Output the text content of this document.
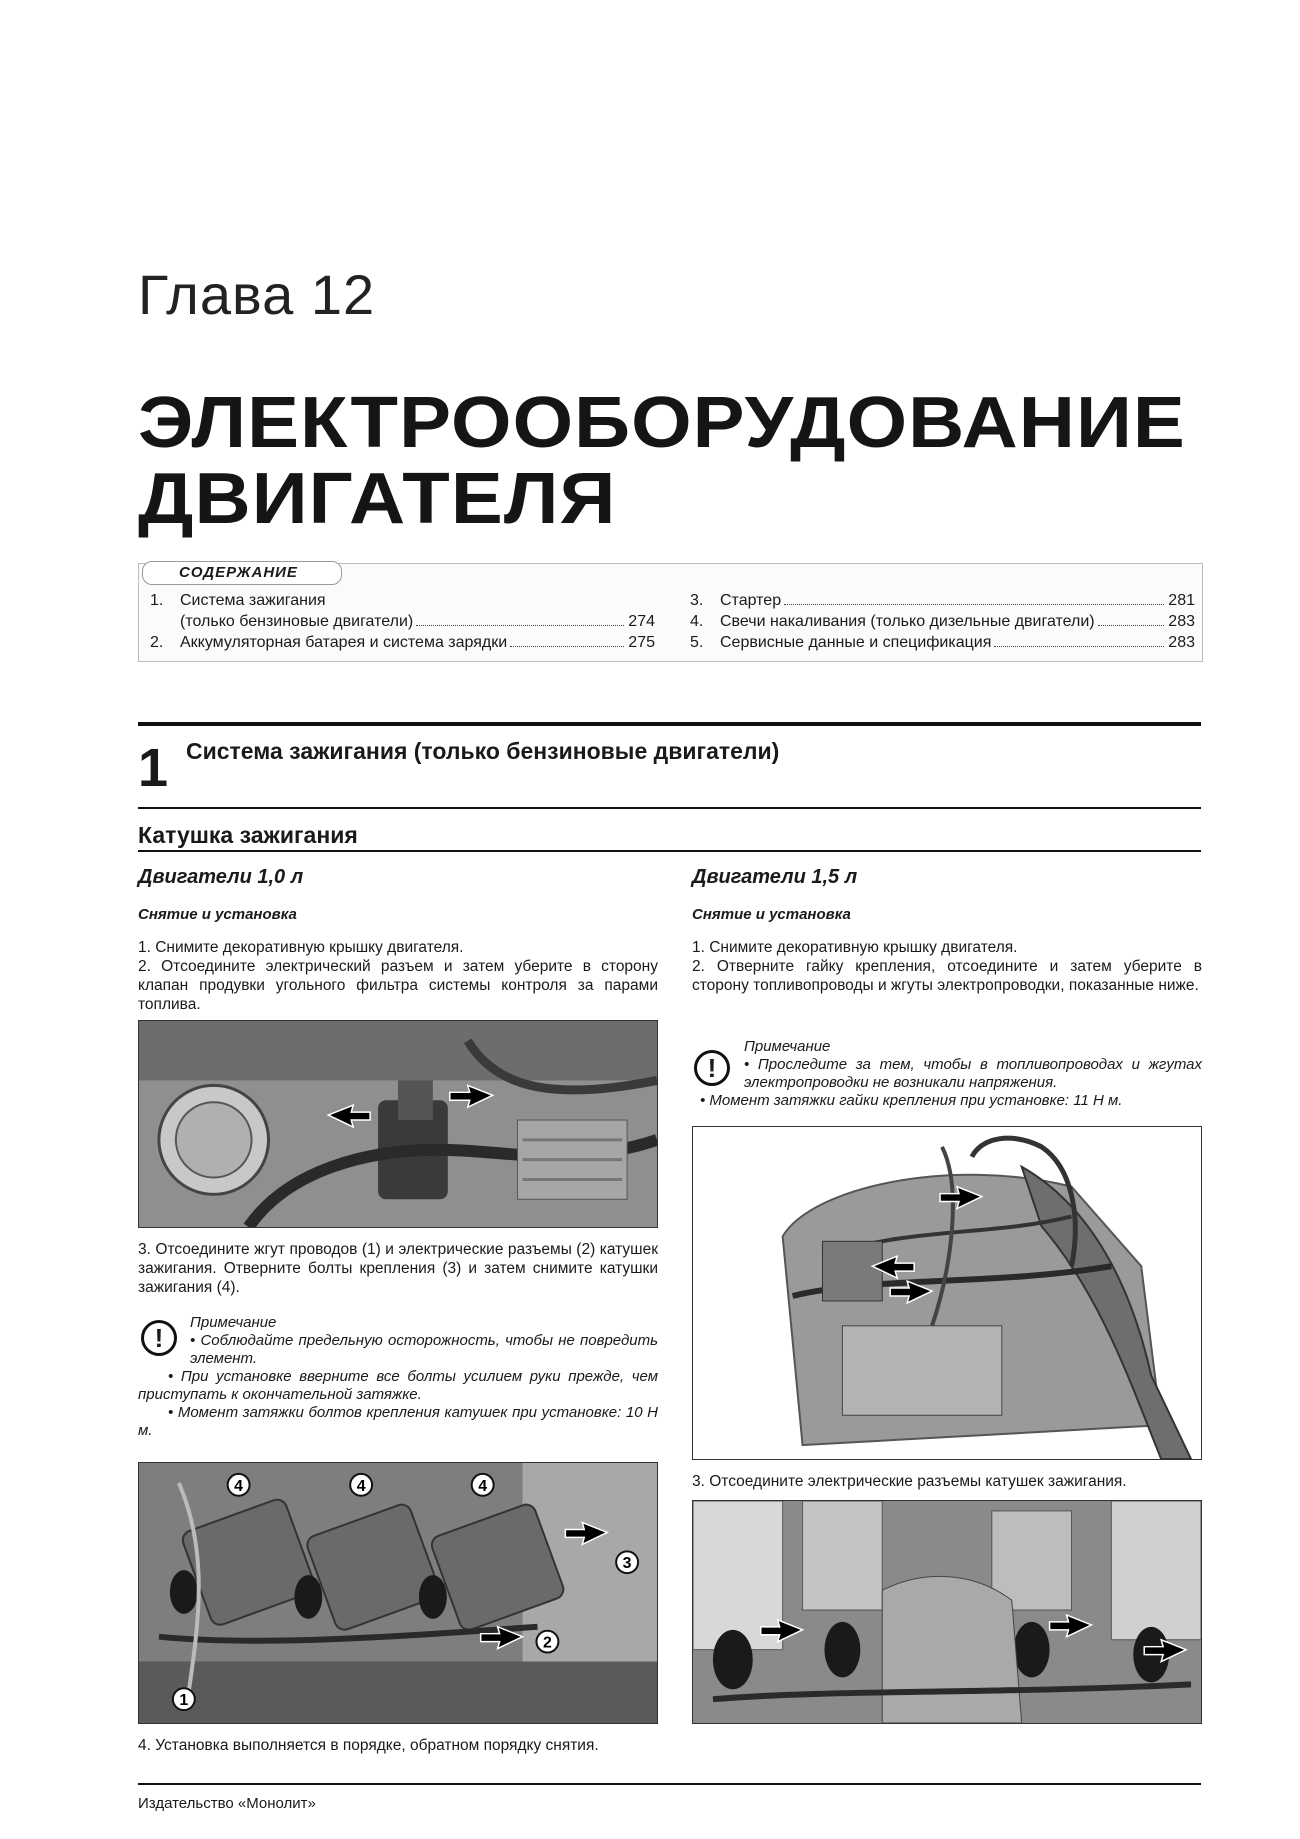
Глава 12
ЭЛЕКТРООБОРУДОВАНИЕ
ДВИГАТЕЛЯ
СОДЕРЖАНИЕ
1.	Система зажигания
(только бензиновые двигатели)	274
2.	Аккумуляторная батарея и система зарядки	275
3.	Стартер	281
4.	Свечи накаливания (только дизельные двигатели)	283
5.	Сервисные данные и спецификация	283
1 Система зажигания (только бензиновые двигатели)
Катушка зажигания
Двигатели 1,0 л
Снятие и установка

1. Снимите декоративную крышку двигателя.

2. Отсоедините электрический разъем и затем уберите в сторону клапан продувки угольного фильтра системы контроля за парами топлива.

3. Отсоедините жгут проводов (1) и электрические разъемы (2) катушек зажигания. Отверните болты крепления (3) и затем снимите катушки зажигания (4).
!

Примечание

• Соблюдайте предельную осторожность, чтобы не повредить элемент.

• При установке вверните все болты усилием руки прежде, чем приступать к окончательной затяжке.

• Момент затяжки болтов крепления катушек при установке: 10 Н м.

4	4	4
3
2
1
4. Установка выполняется в порядке, обратном порядку снятия.
Двигатели 1,5 л
Снятие и установка

1. Снимите декоративную крышку двигателя.

2. Отверните гайку крепления, отсоедините и затем уберите в сторону топливопроводы и жгуты электропроводки, показанные ниже.

!

Примечание

• Проследите за тем, чтобы в топливопроводах и жгутах электропроводки не возникали напряжения.

• Момент затяжки гайки крепления при установке: 11 Н м.

3. Отсоедините электрические разъемы катушек зажигания.
Издательство «Монолит»
